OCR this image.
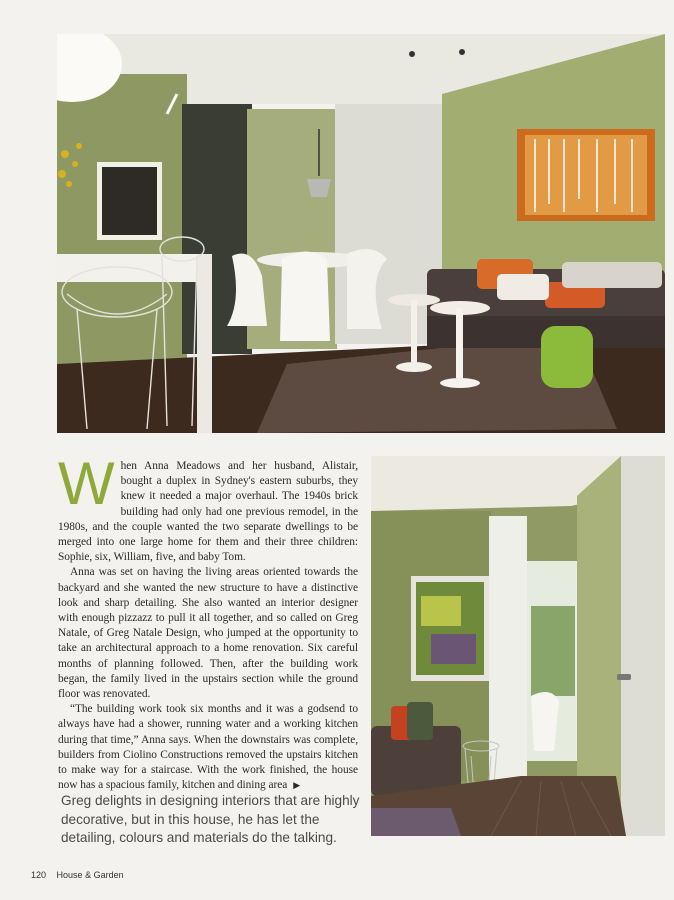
When Anna Meadows and her husband, Alistair, bought a duplex in Sydney's eastern suburbs, they knew it needed a major overhaul. The 1940s brick building had only had one previous remodel, in the 1980s, and the couple wanted the two separate dwellings to be merged into one large home for them and their three children: Sophie, six, William, five, and baby Tom.

Anna was set on having the living areas oriented towards the backyard and she wanted the new structure to have a distinctive look and sharp detailing. She also wanted an interior designer with enough pizzazz to pull it all together, and so called on Greg Natale, of Greg Natale Design, who jumped at the opportunity to take an architectural approach to a home renovation. Six careful months of planning followed. Then, after the building work began, the family lived in the upstairs section while the ground floor was renovated.

“The building work took six months and it was a godsend to always have had a shower, running water and a working kitchen during that time,” Anna says. When the downstairs was complete, builders from Ciolino Constructions removed the upstairs kitchen to make way for a staircase. With the work finished, the house now has a spacious family, kitchen and dining area ▶

Greg delights in designing interiors that are highly decorative, but in this house, he has let the detailing, colours and materials do the talking.
120 House & Garden
